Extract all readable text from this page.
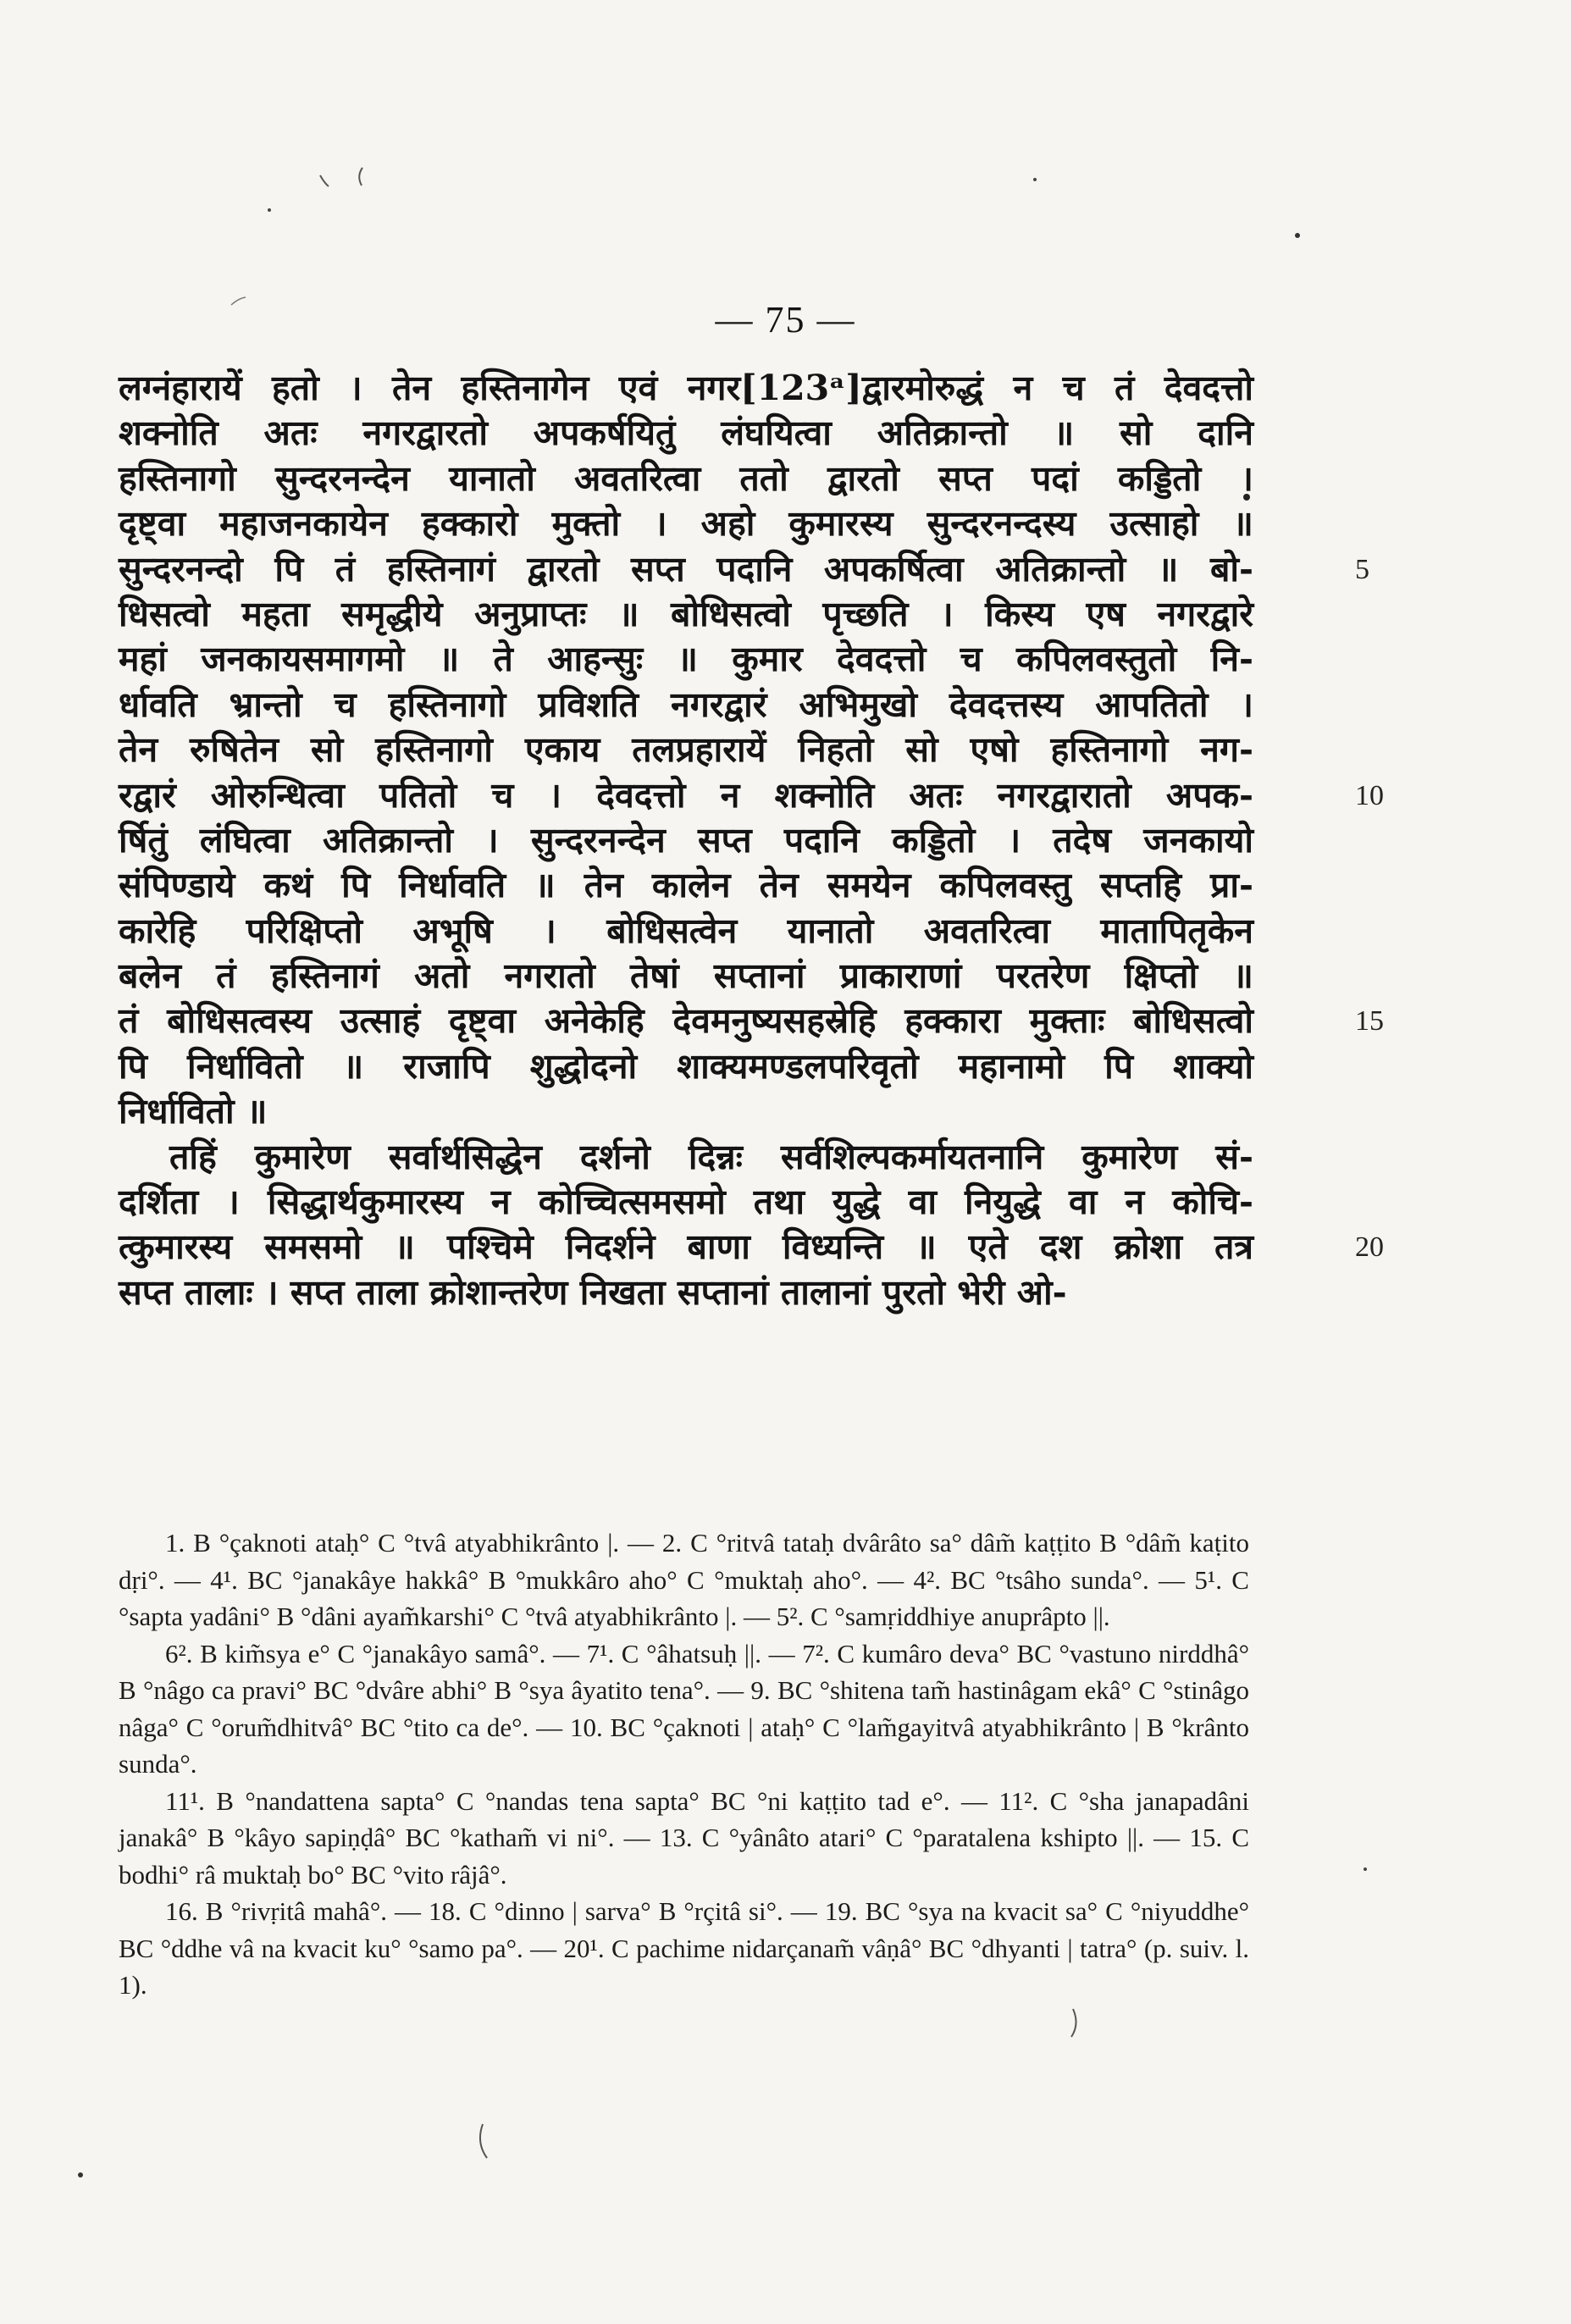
— 75 —
लग्नंहारायें हतो । तेन हस्तिनागेन एवं नगर[123ᵃ]द्वारमोरुद्धं न च तं देवदत्तो
शक्नोति अतः नगरद्वारतो अपकर्षयितुं लंघयित्वा अतिक्रान्तो ॥ सो दानि
हस्तिनागो सुन्दरनन्देन यानातो अवतरित्वा ततो द्वारतो सप्त पदां कड्डितो ।
दृष्ट्वा महाजनकायेन हक्कारो मुक्तो । अहो कुमारस्य सुन्दरनन्दस्य उत्साहो ॥
सुन्दरनन्दो पि तं हस्तिनागं द्वारतो सप्त पदानि अपकर्षित्वा अतिक्रान्तो ॥ बो-	5
धिसत्वो महता समृद्धीये अनुप्राप्तः ॥ बोधिसत्वो पृच्छति । किस्य एष नगरद्वारे
महां जनकायसमागमो ॥ ते आहन्सुः ॥ कुमार देवदत्तो च कपिलवस्तुतो नि-
र्धावति भ्रान्तो च हस्तिनागो प्रविशति नगरद्वारं अभिमुखो देवदत्तस्य आपतितो ।
तेन रुषितेन सो हस्तिनागो एकाय तलप्रहारायें निहतो सो एषो हस्तिनागो नग-
रद्वारं ओरुन्धित्वा पतितो च । देवदत्तो न शक्नोति अतः नगरद्वारातो अपक-	10
र्षितुं लंघित्वा अतिक्रान्तो । सुन्दरनन्देन सप्त पदानि कड्डितो । तदेष जनकायो
संपिण्डाये कथं पि निर्धावति ॥ तेन कालेन तेन समयेन कपिलवस्तु सप्तहि प्रा-
कारेहि परिक्षिप्तो अभूषि । बोधिसत्वेन यानातो अवतरित्वा मातापितृकेन
बलेन तं हस्तिनागं अतो नगरातो तेषां सप्तानां प्राकाराणां परतरेण क्षिप्तो ॥
तं बोधिसत्वस्य उत्साहं दृष्ट्वा अनेकेहि देवमनुष्यसहस्रेहि हक्कारा मुक्ताः बोधिसत्वो	15
पि निर्धावितो ॥ राजापि शुद्धोदनो शाक्यमण्डलपरिवृतो महानामो पि शाक्यो
निर्धावितो ॥
तहिं कुमारेण सर्वार्थसिद्धेन दर्शनो दिन्नः सर्वशिल्पकर्मायतनानि कुमारेण सं-
दर्शिता । सिद्धार्थकुमारस्य न कोच्चित्समसमो तथा युद्धे वा नियुद्धे वा न कोचि-
त्कुमारस्य समसमो ॥ पश्चिमे निदर्शने बाणा विध्यन्ति ॥ एते दश क्रोशा तत्र	20
सप्त तालाः । सप्त ताला क्रोशान्तरेण निखता सप्तानां तालानां पुरतो भेरी ओ-

1. B °çaknoti ataḥ° C °tvâ atyabhikrânto |. — 2. C °ritvâ tataḥ dvârâto sa° dâm̃ kaṭṭito B °dâm̃ kaṭito dṛi°. — 4¹. BC °janakâye hakkâ° B °mukkâro aho° C °muktaḥ aho°. — 4². BC °tsâho sunda°. — 5¹. C °sapta yadâni° B °dâni ayam̃karshi° C °tvâ atyabhikrânto |. — 5². C °samṛiddhiye anuprâpto ||.

6². B kim̃sya e° C °janakâyo samâ°. — 7¹. C °âhatsuḥ ||. — 7². C kumâro deva° BC °vastuno nirddhâ° B °nâgo ca pravi° BC °dvâre abhi° B °sya âyatito tena°. — 9. BC °shitena tam̃ hastinâgam ekâ° C °stinâgo nâga° C °orum̃dhitvâ° BC °tito ca de°. — 10. BC °çaknoti | ataḥ° C °lam̃gayitvâ atyabhikrânto | B °krânto sunda°.

11¹. B °nandattena sapta° C °nandas tena sapta° BC °ni kaṭṭito tad e°. — 11². C °sha janapadâni janakâ° B °kâyo sapiṇḍâ° BC °katham̃ vi ni°. — 13. C °yânâto atari° C °paratalena kshipto ||. — 15. C bodhi° râ muktaḥ bo° BC °vito râjâ°.

16. B °rivṛitâ mahâ°. — 18. C °dinno | sarva° B °rçitâ si°. — 19. BC °sya na kvacit sa° C °niyuddhe° BC °ddhe vâ na kvacit ku° °samo pa°. — 20¹. C pachime nidarçanam̃ vâṇâ° BC °dhyanti | tatra° (p. suiv. l. 1).
